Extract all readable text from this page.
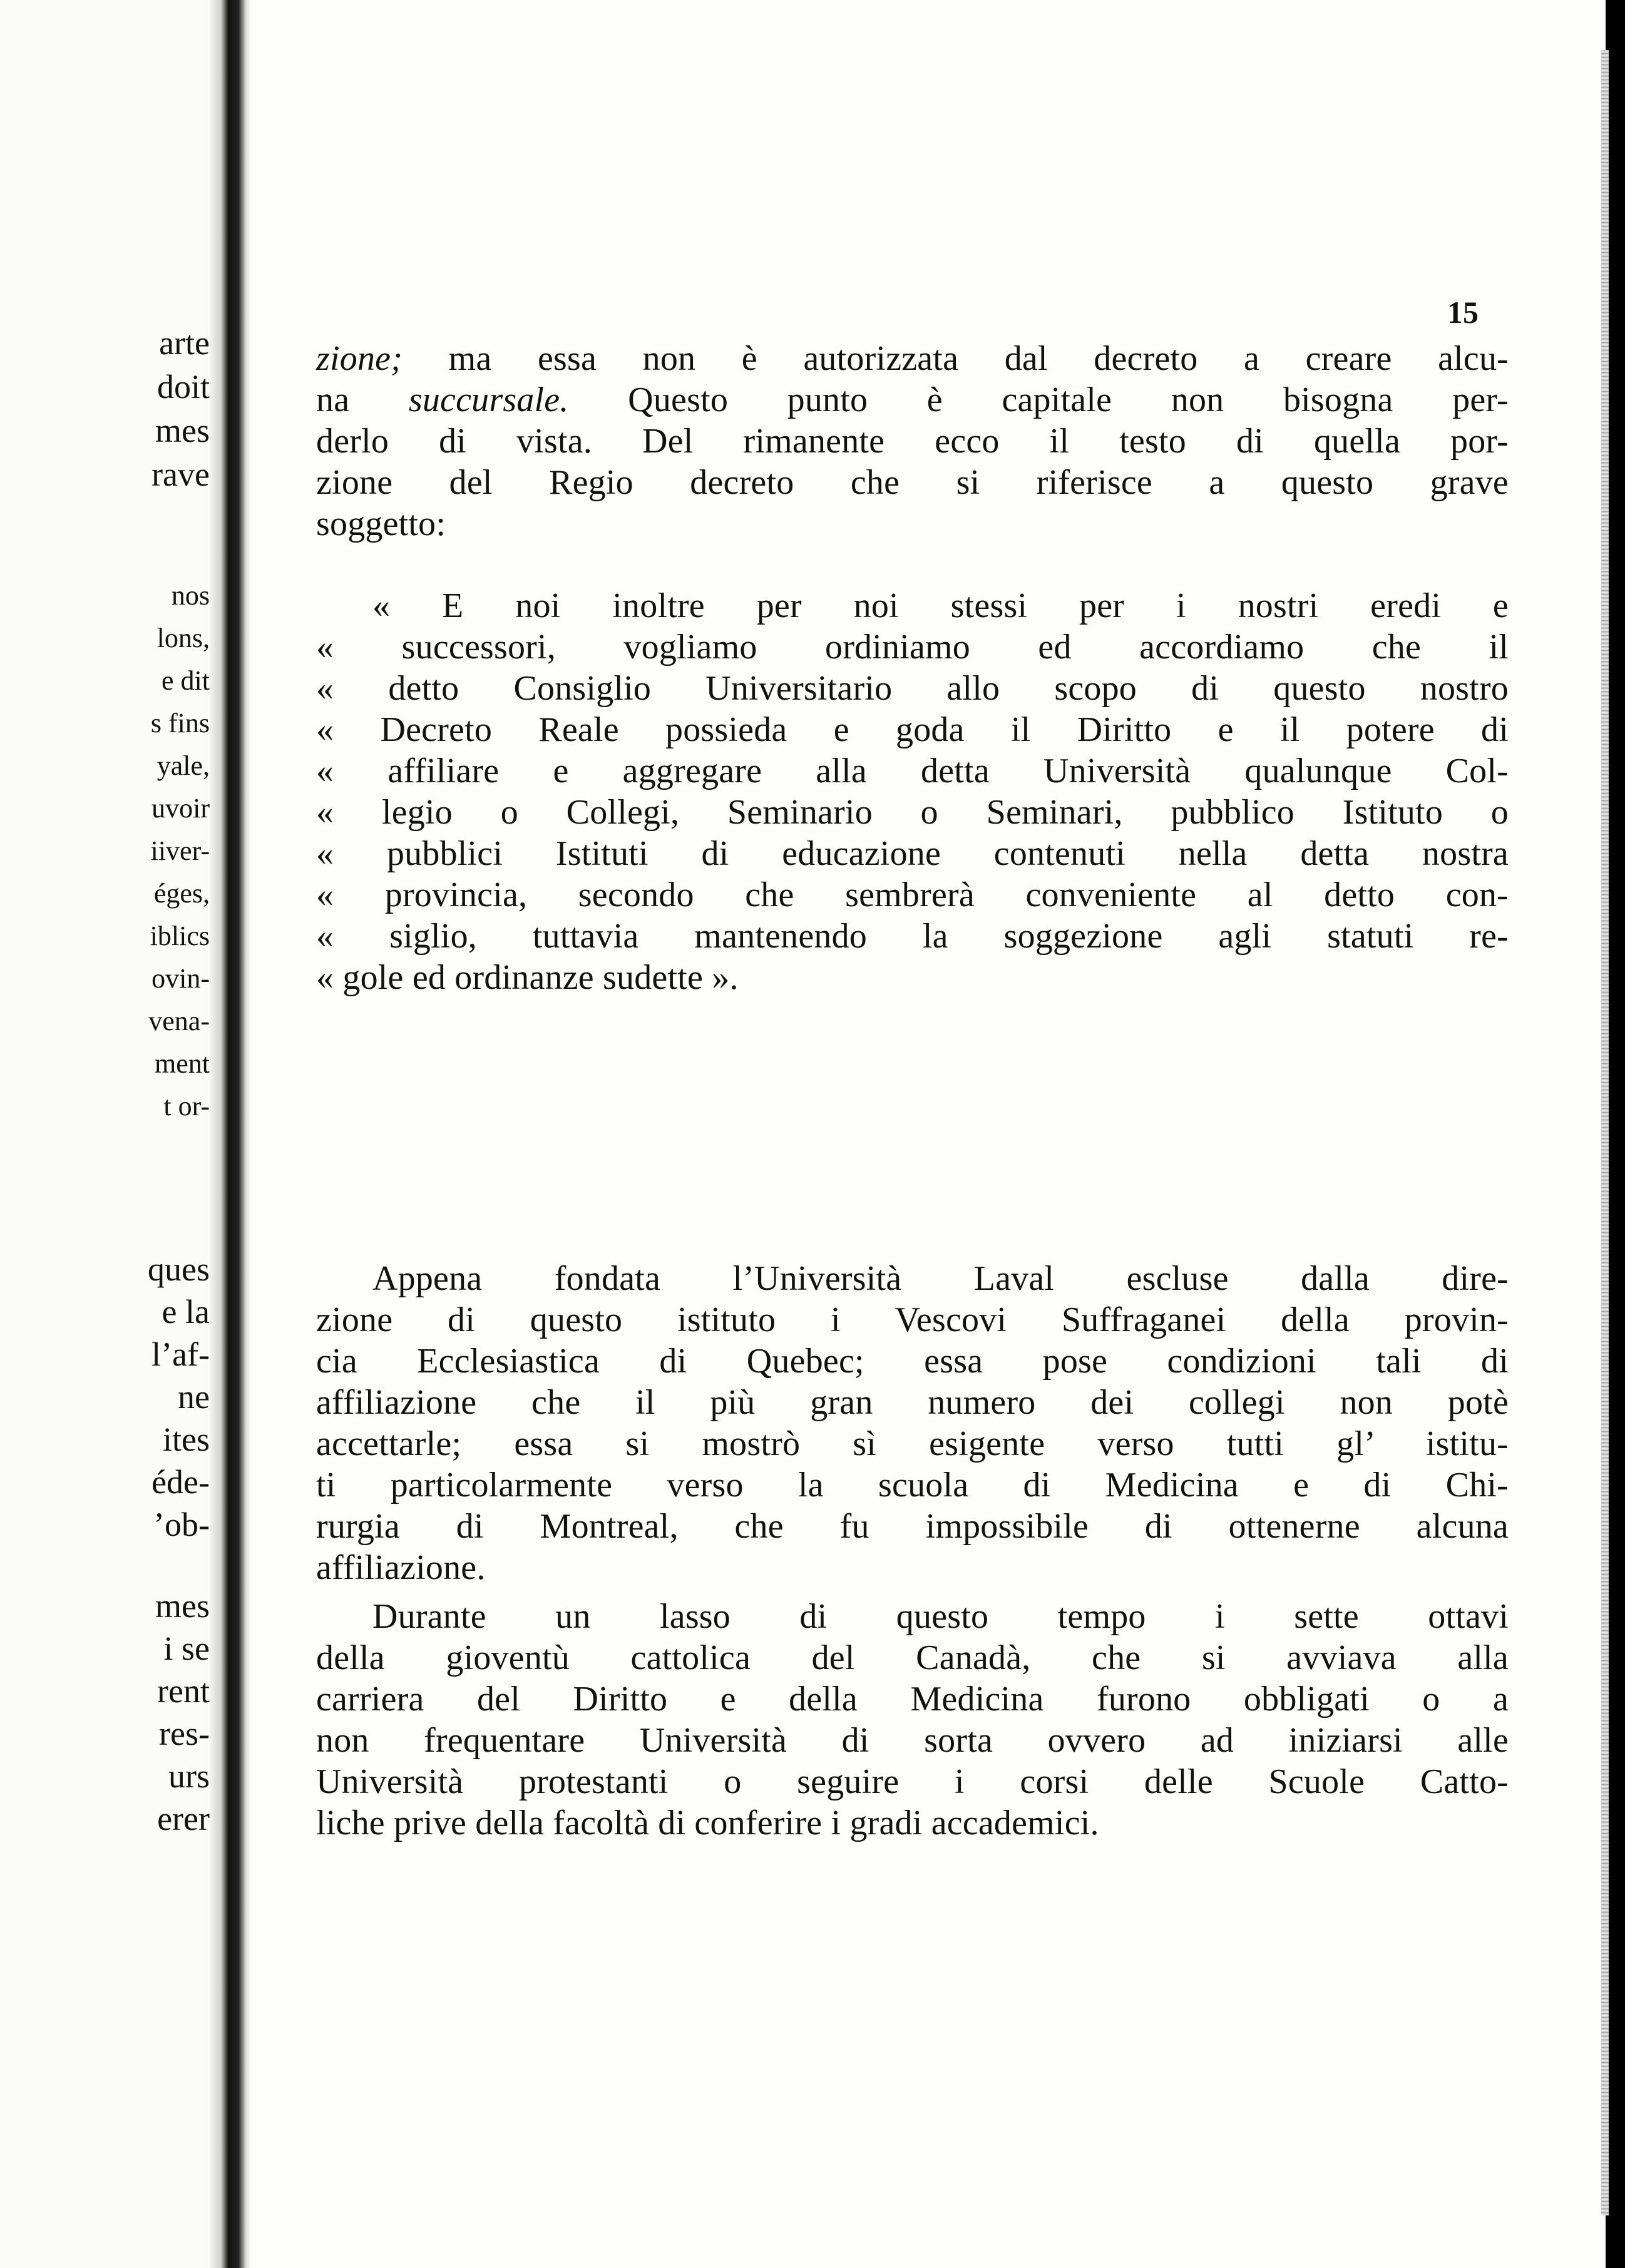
arte

doit

mes

rave

nos

lons,

e dit

s fins

yale,

uvoir

iiver-

éges,

iblics

ovin-

vena-

ment

t or-

ques

e la

l’af-

ne

ites

éde-

’ob-

mes

i se

rent

res-

urs

erer

15

zione; ma essa non è autorizzata dal decreto a creare alcu-

na succursale. Questo punto è capitale non bisogna per-

derlo di vista. Del rimanente ecco il testo di quella por-

zione del Regio decreto che si riferisce a questo grave

soggetto:

« E noi inoltre per noi stessi per i nostri eredi e

« successori, vogliamo ordiniamo ed accordiamo che il

« detto Consiglio Universitario allo scopo di questo nostro

« Decreto Reale possieda e goda il Diritto e il potere di

« affiliare e aggregare alla detta Università qualunque Col-

« legio o Collegi, Seminario o Seminari, pubblico Istituto o

« pubblici Istituti di educazione contenuti nella detta nostra

« provincia, secondo che sembrerà conveniente al detto con-

« siglio, tuttavia mantenendo la soggezione agli statuti re-

« gole ed ordinanze sudette ».

Appena fondata l’Università Laval escluse dalla dire-

zione di questo istituto i Vescovi Suffraganei della provin-

cia Ecclesiastica di Quebec; essa pose condizioni tali di

affiliazione che il più gran numero dei collegi non potè

accettarle; essa si mostrò sì esigente verso tutti gl’ istitu-

ti particolarmente verso la scuola di Medicina e di Chi-

rurgia di Montreal, che fu impossibile di ottenerne alcuna

affiliazione.

Durante un lasso di questo tempo i sette ottavi

della gioventù cattolica del Canadà, che si avviava alla

carriera del Diritto e della Medicina furono obbligati o a

non frequentare Università di sorta ovvero ad iniziarsi alle

Università protestanti o seguire i corsi delle Scuole Catto-

liche prive della facoltà di conferire i gradi accademici.
